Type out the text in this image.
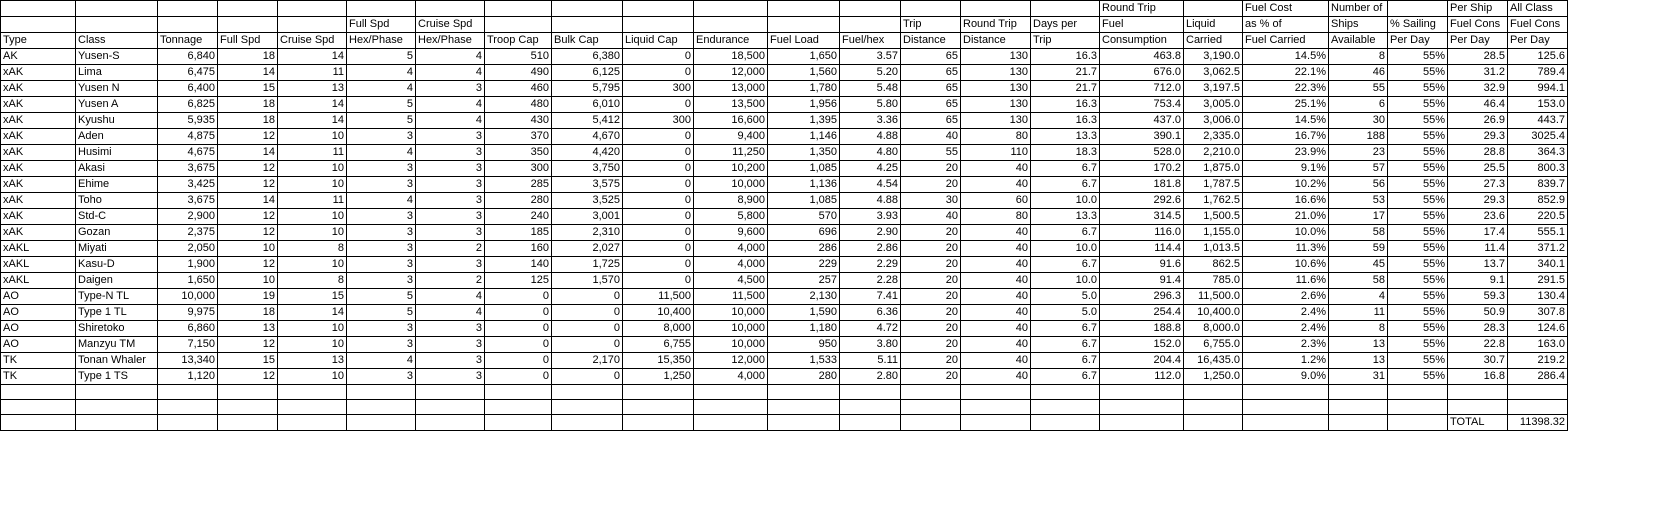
																Round Trip		Fuel Cost	Number of		Per Ship	All Class
					Full Spd	Cruise Spd							Trip	Round Trip	Days per	Fuel	Liquid	as % of	Ships	% Sailing	Fuel Cons	Fuel Cons
Type	Class	Tonnage	Full Spd	Cruise Spd	Hex/Phase	Hex/Phase	Troop Cap	Bulk Cap	Liquid Cap	Endurance	Fuel Load	Fuel/hex	Distance	Distance	Trip	Consumption	Carried	Fuel Carried	Available	Per Day	Per Day	Per Day
AK	Yusen-S	6,840	18	14	5	4	510	6,380	0	18,500	1,650	3.57	65	130	16.3	463.8	3,190.0	14.5%	8	55%	28.5	125.6
xAK	Lima	6,475	14	11	4	4	490	6,125	0	12,000	1,560	5.20	65	130	21.7	676.0	3,062.5	22.1%	46	55%	31.2	789.4
xAK	Yusen N	6,400	15	13	4	3	460	5,795	300	13,000	1,780	5.48	65	130	21.7	712.0	3,197.5	22.3%	55	55%	32.9	994.1
xAK	Yusen A	6,825	18	14	5	4	480	6,010	0	13,500	1,956	5.80	65	130	16.3	753.4	3,005.0	25.1%	6	55%	46.4	153.0
xAK	Kyushu	5,935	18	14	5	4	430	5,412	300	16,600	1,395	3.36	65	130	16.3	437.0	3,006.0	14.5%	30	55%	26.9	443.7
xAK	Aden	4,875	12	10	3	3	370	4,670	0	9,400	1,146	4.88	40	80	13.3	390.1	2,335.0	16.7%	188	55%	29.3	3025.4
xAK	Husimi	4,675	14	11	4	3	350	4,420	0	11,250	1,350	4.80	55	110	18.3	528.0	2,210.0	23.9%	23	55%	28.8	364.3
xAK	Akasi	3,675	12	10	3	3	300	3,750	0	10,200	1,085	4.25	20	40	6.7	170.2	1,875.0	9.1%	57	55%	25.5	800.3
xAK	Ehime	3,425	12	10	3	3	285	3,575	0	10,000	1,136	4.54	20	40	6.7	181.8	1,787.5	10.2%	56	55%	27.3	839.7
xAK	Toho	3,675	14	11	4	3	280	3,525	0	8,900	1,085	4.88	30	60	10.0	292.6	1,762.5	16.6%	53	55%	29.3	852.9
xAK	Std-C	2,900	12	10	3	3	240	3,001	0	5,800	570	3.93	40	80	13.3	314.5	1,500.5	21.0%	17	55%	23.6	220.5
xAK	Gozan	2,375	12	10	3	3	185	2,310	0	9,600	696	2.90	20	40	6.7	116.0	1,155.0	10.0%	58	55%	17.4	555.1
xAKL	Miyati	2,050	10	8	3	2	160	2,027	0	4,000	286	2.86	20	40	10.0	114.4	1,013.5	11.3%	59	55%	11.4	371.2
xAKL	Kasu-D	1,900	12	10	3	3	140	1,725	0	4,000	229	2.29	20	40	6.7	91.6	862.5	10.6%	45	55%	13.7	340.1
xAKL	Daigen	1,650	10	8	3	2	125	1,570	0	4,500	257	2.28	20	40	10.0	91.4	785.0	11.6%	58	55%	9.1	291.5
AO	Type-N TL	10,000	19	15	5	4	0	0	11,500	11,500	2,130	7.41	20	40	5.0	296.3	11,500.0	2.6%	4	55%	59.3	130.4
AO	Type 1 TL	9,975	18	14	5	4	0	0	10,400	10,000	1,590	6.36	20	40	5.0	254.4	10,400.0	2.4%	11	55%	50.9	307.8
AO	Shiretoko	6,860	13	10	3	3	0	0	8,000	10,000	1,180	4.72	20	40	6.7	188.8	8,000.0	2.4%	8	55%	28.3	124.6
AO	Manzyu TM	7,150	12	10	3	3	0	0	6,755	10,000	950	3.80	20	40	6.7	152.0	6,755.0	2.3%	13	55%	22.8	163.0
TK	Tonan Whaler	13,340	15	13	4	3	0	2,170	15,350	12,000	1,533	5.11	20	40	6.7	204.4	16,435.0	1.2%	13	55%	30.7	219.2
TK	Type 1 TS	1,120	12	10	3	3	0	0	1,250	4,000	280	2.80	20	40	6.7	112.0	1,250.0	9.0%	31	55%	16.8	286.4

																					TOTAL	11398.32
